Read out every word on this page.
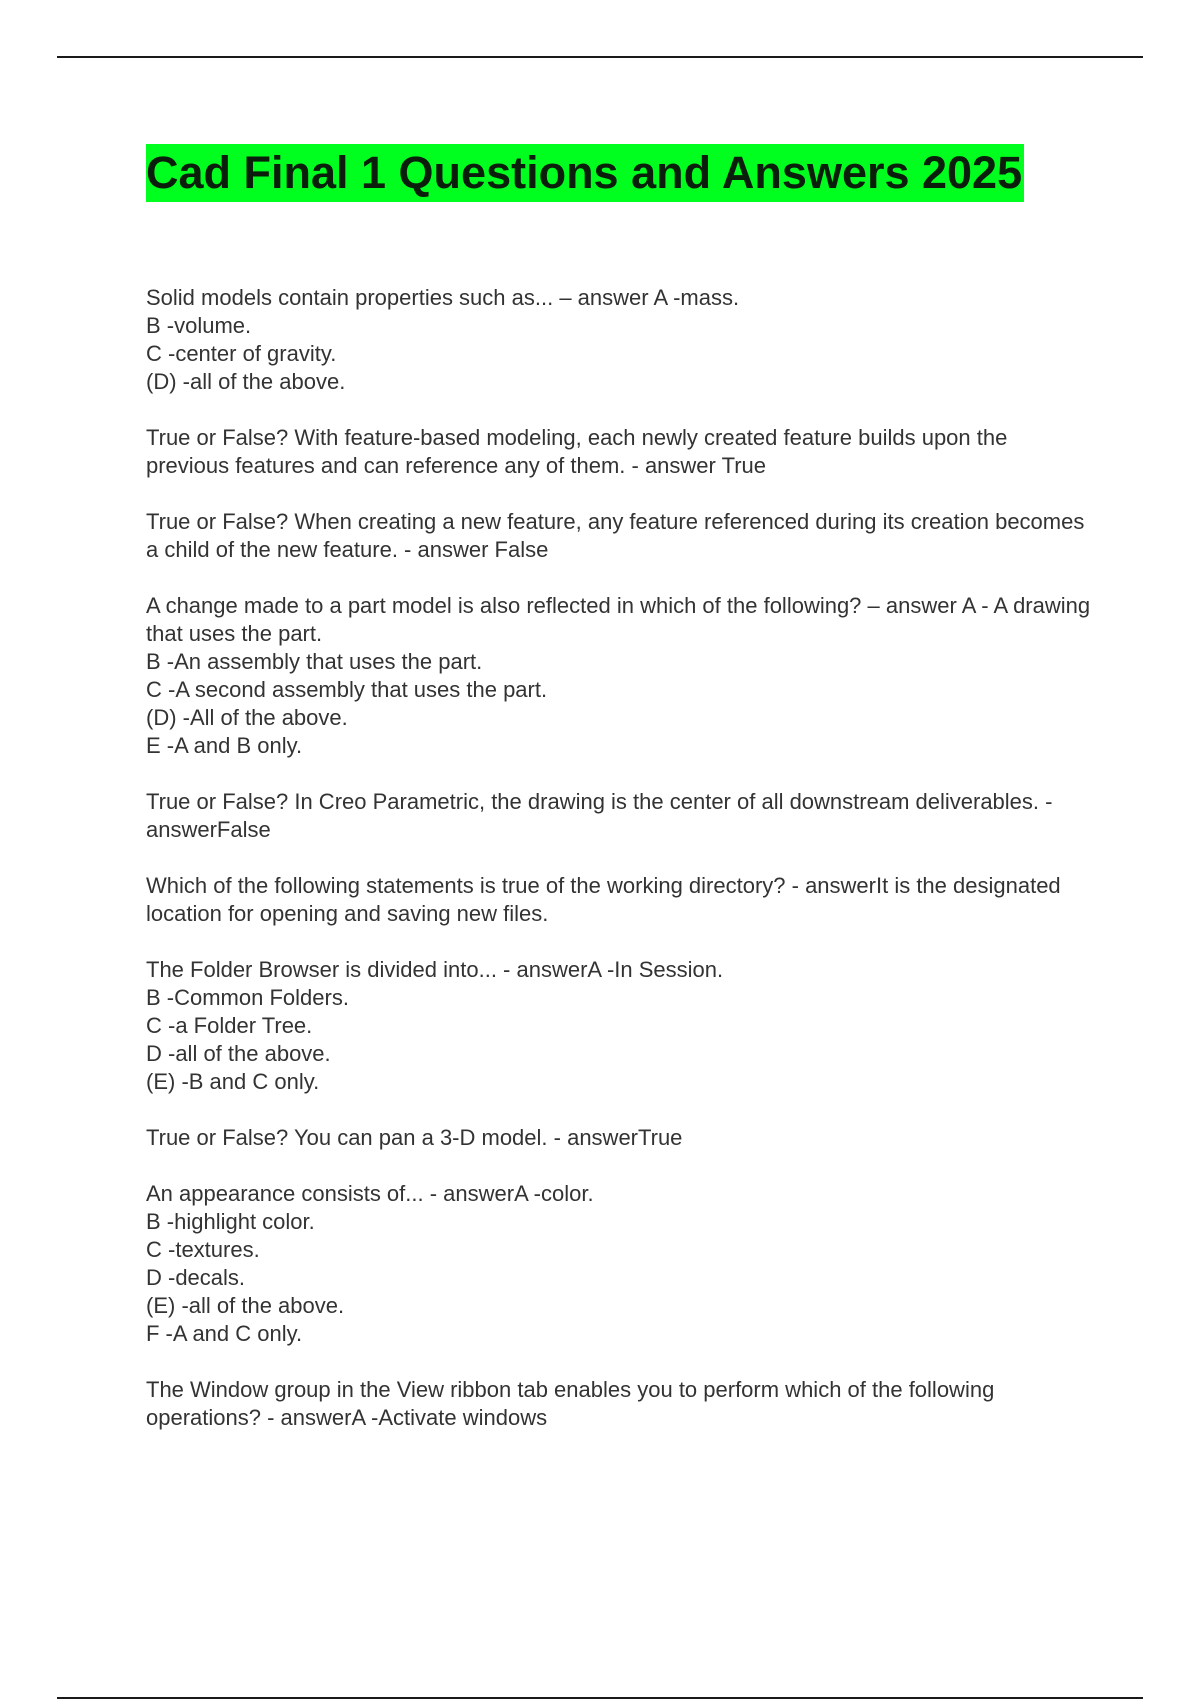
Cad Final 1 Questions and Answers 2025
Solid models contain properties such as... – answer A -mass.
B -volume.
C -center of gravity.
(D) -all of the above.
True or False? With feature-based modeling, each newly created feature builds upon the previous features and can reference any of them. - answer True
True or False? When creating a new feature, any feature referenced during its creation becomes a child of the new feature. - answer False
A change made to a part model is also reflected in which of the following? – answer A - A drawing that uses the part.
B -An assembly that uses the part.
C -A second assembly that uses the part.
(D) -All of the above.
E -A and B only.
True or False? In Creo Parametric, the drawing is the center of all downstream deliverables. - answerFalse
Which of the following statements is true of the working directory? - answerIt is the designated location for opening and saving new files.
The Folder Browser is divided into... - answerA -In Session.
B -Common Folders.
C -a Folder Tree.
D -all of the above.
(E) -B and C only.
True or False? You can pan a 3-D model. - answerTrue
An appearance consists of... - answerA -color.
B -highlight color.
C -textures.
D -decals.
(E) -all of the above.
F -A and C only.
The Window group in the View ribbon tab enables you to perform which of the following operations? - answerA -Activate windows
